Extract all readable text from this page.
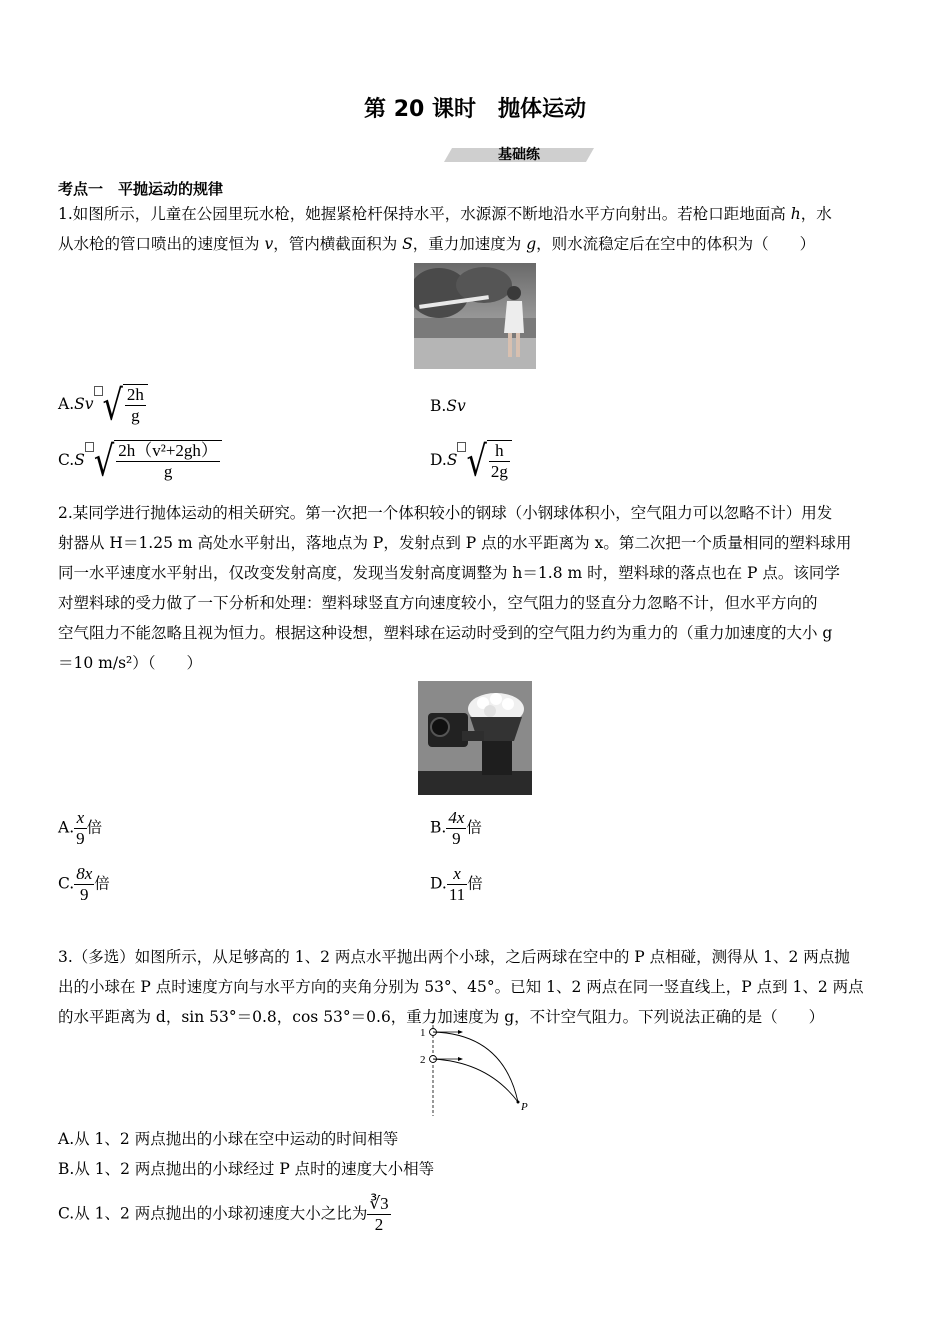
第 20 课时　抛体运动
基础练
考点一　平抛运动的规律
1.如图所示，儿童在公园里玩水枪，她握紧枪杆保持水平，水源源不断地沿水平方向射出。若枪口距地面高 h，水
从水枪的管口喷出的速度恒为 v，管内横截面积为 S，重力加速度为 g，则水流稳定后在空中的体积为（　　）
A.Sv √ $\frac{2h}{g}$	B.Sv
C.S √ $\frac{\text{2h（v²+2gh）}}{g}$	D.S √ $\frac{h}{2g}$
2.某同学进行抛体运动的相关研究。第一次把一个体积较小的钢球（小钢球体积小，空气阻力可以忽略不计）用发
射器从 H＝1.25 m 高处水平射出，落地点为 P，发射点到 P 点的水平距离为 x。第二次把一个质量相同的塑料球用
同一水平速度水平射出，仅改变发射高度，发现当发射高度调整为 h＝1.8 m 时，塑料球的落点也在 P 点。该同学
对塑料球的受力做了一下分析和处理：塑料球竖直方向速度较小，空气阻力的竖直分力忽略不计，但水平方向的
空气阻力不能忽略且视为恒力。根据这种设想，塑料球在运动时受到的空气阻力约为重力的（重力加速度的大小 g
＝10 m/s²）（　　）
A. $\frac{x}{9}$ 倍	B. $\frac{4x}{9}$ 倍
C. $\frac{8x}{9}$ 倍	D. $\frac{x}{11}$ 倍
3.（多选）如图所示，从足够高的 1、2 两点水平抛出两个小球，之后两球在空中的 P 点相碰，测得从 1、2 两点抛
出的小球在 P 点时速度方向与水平方向的夹角分别为 53°、45°。已知 1、2 两点在同一竖直线上，P 点到 1、2 两点
的水平距离为 d，sin 53°＝0.8，cos 53°＝0.6，重力加速度为 g，不计空气阻力。下列说法正确的是（　　）
1
2
P
A.从 1、2 两点抛出的小球在空中运动的时间相等
B.从 1、2 两点抛出的小球经过 P 点时的速度大小相等
C.从 1、2 两点抛出的小球初速度大小之比为 $\frac{∛3}{2}$
